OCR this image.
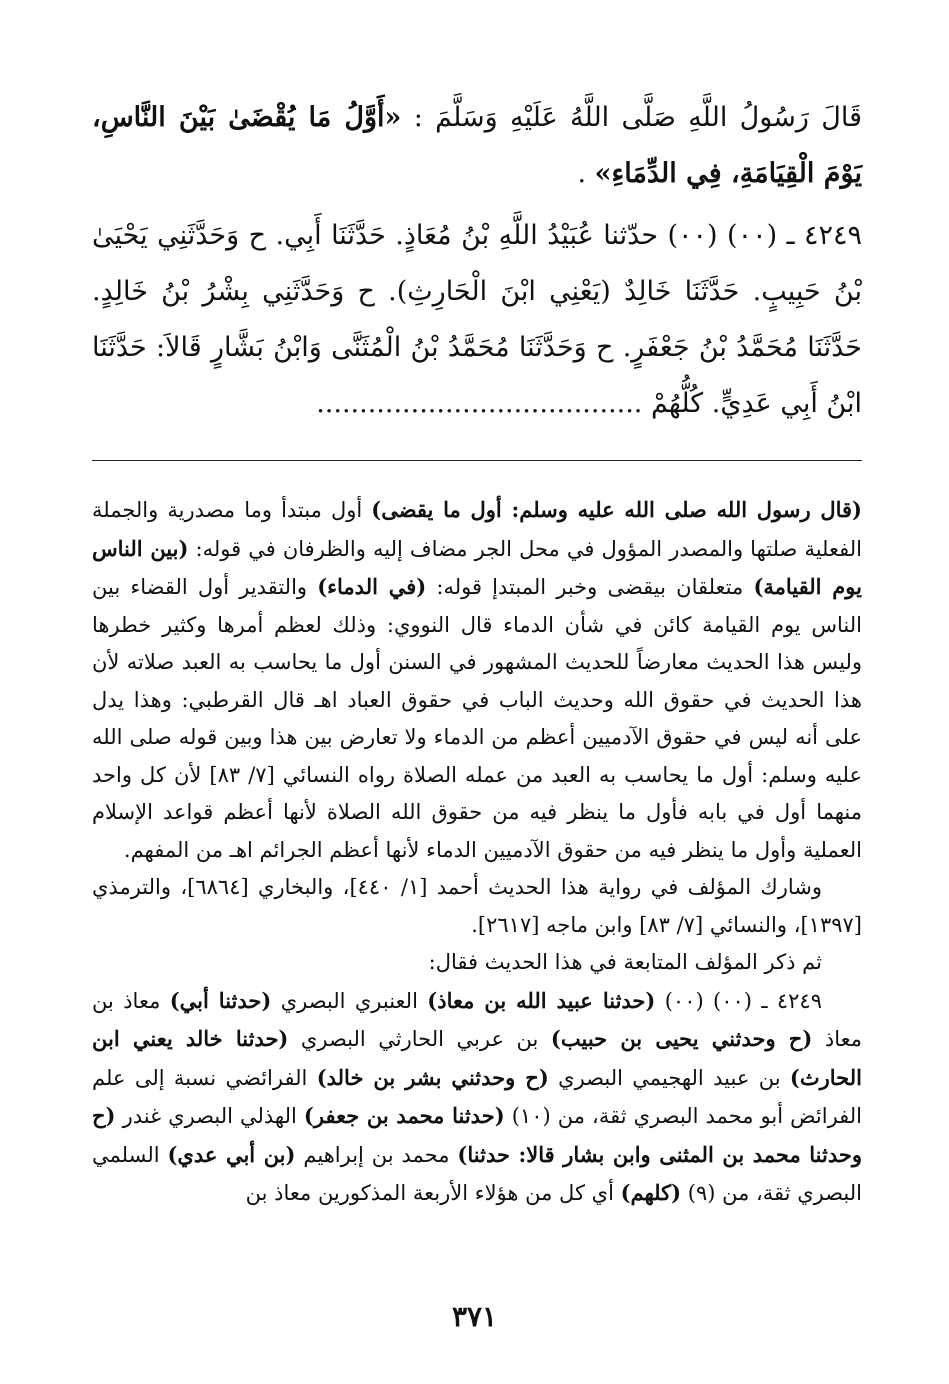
قَالَ رَسُولُ اللَّهِ صَلَّى اللَّهُ عَلَيْهِ وَسَلَّمَ : «أَوَّلُ مَا يُقْضَىٰ بَيْنَ النَّاسِ، يَوْمَ الْقِيَامَةِ، فِي الدِّمَاءِ» .

٤٢٤٩ ـ (٠٠) (٠٠) حدّثنا عُبَيْدُ اللَّهِ بْنُ مُعَاذٍ. حَدَّثَنَا أَبِي. ح وَحَدَّثَنِي يَحْيَىٰ بْنُ حَبِيبٍ. حَدَّثَنَا خَالِدٌ (يَعْنِي ابْنَ الْحَارِثِ). ح وَحَدَّثَنِي بِشْرُ بْنُ خَالِدٍ. حَدَّثَنَا مُحَمَّدُ بْنُ جَعْفَرٍ. ح وَحَدَّثَنَا مُحَمَّدُ بْنُ الْمُثَنَّى وَابْنُ بَشَّارٍ قَالاَ: حَدَّثَنَا ابْنُ أَبِي عَدِيٍّ. كُلُّهُمْ ......................................

(قال رسول الله صلى الله عليه وسلم: أول ما يقضى) أول مبتدأ وما مصدرية والجملة الفعلية صلتها والمصدر المؤول في محل الجر مضاف إليه والظرفان في قوله: (بين الناس يوم القيامة) متعلقان بيقضى وخبر المبتدإ قوله: (في الدماء) والتقدير أول القضاء بين الناس يوم القيامة كائن في شأن الدماء قال النووي: وذلك لعظم أمرها وكثير خطرها وليس هذا الحديث معارضاً للحديث المشهور في السنن أول ما يحاسب به العبد صلاته لأن هذا الحديث في حقوق الله وحديث الباب في حقوق العباد اهـ قال القرطبي: وهذا يدل على أنه ليس في حقوق الآدميين أعظم من الدماء ولا تعارض بين هذا وبين قوله صلى الله عليه وسلم: أول ما يحاسب به العبد من عمله الصلاة رواه النسائي [٧/ ٨٣] لأن كل واحد منهما أول في بابه فأول ما ينظر فيه من حقوق الله الصلاة لأنها أعظم قواعد الإسلام العملية وأول ما ينظر فيه من حقوق الآدميين الدماء لأنها أعظم الجرائم اهـ من المفهم.

وشارك المؤلف في رواية هذا الحديث أحمد [١/ ٤٤٠]، والبخاري [٦٨٦٤]، والترمذي [١٣٩٧]، والنسائي [٧/ ٨٣] وابن ماجه [٢٦١٧].

ثم ذكر المؤلف المتابعة في هذا الحديث فقال:

٤٢٤٩ ـ (٠٠) (٠٠) (حدثنا عبيد الله بن معاذ) العنبري البصري (حدثنا أبي) معاذ بن معاذ (ح وحدثني يحيى بن حبيب) بن عربي الحارثي البصري (حدثنا خالد يعني ابن الحارث) بن عبيد الهجيمي البصري (ح وحدثني بشر بن خالد) الفرائضي نسبة إلى علم الفرائض أبو محمد البصري ثقة، من (١٠) (حدثنا محمد بن جعفر) الهذلي البصري غندر (ح وحدثنا محمد بن المثنى وابن بشار قالا: حدثنا) محمد بن إبراهيم (بن أبي عدي) السلمي البصري ثقة، من (٩) (كلهم) أي كل من هؤلاء الأربعة المذكورين معاذ بن

٣٧١
